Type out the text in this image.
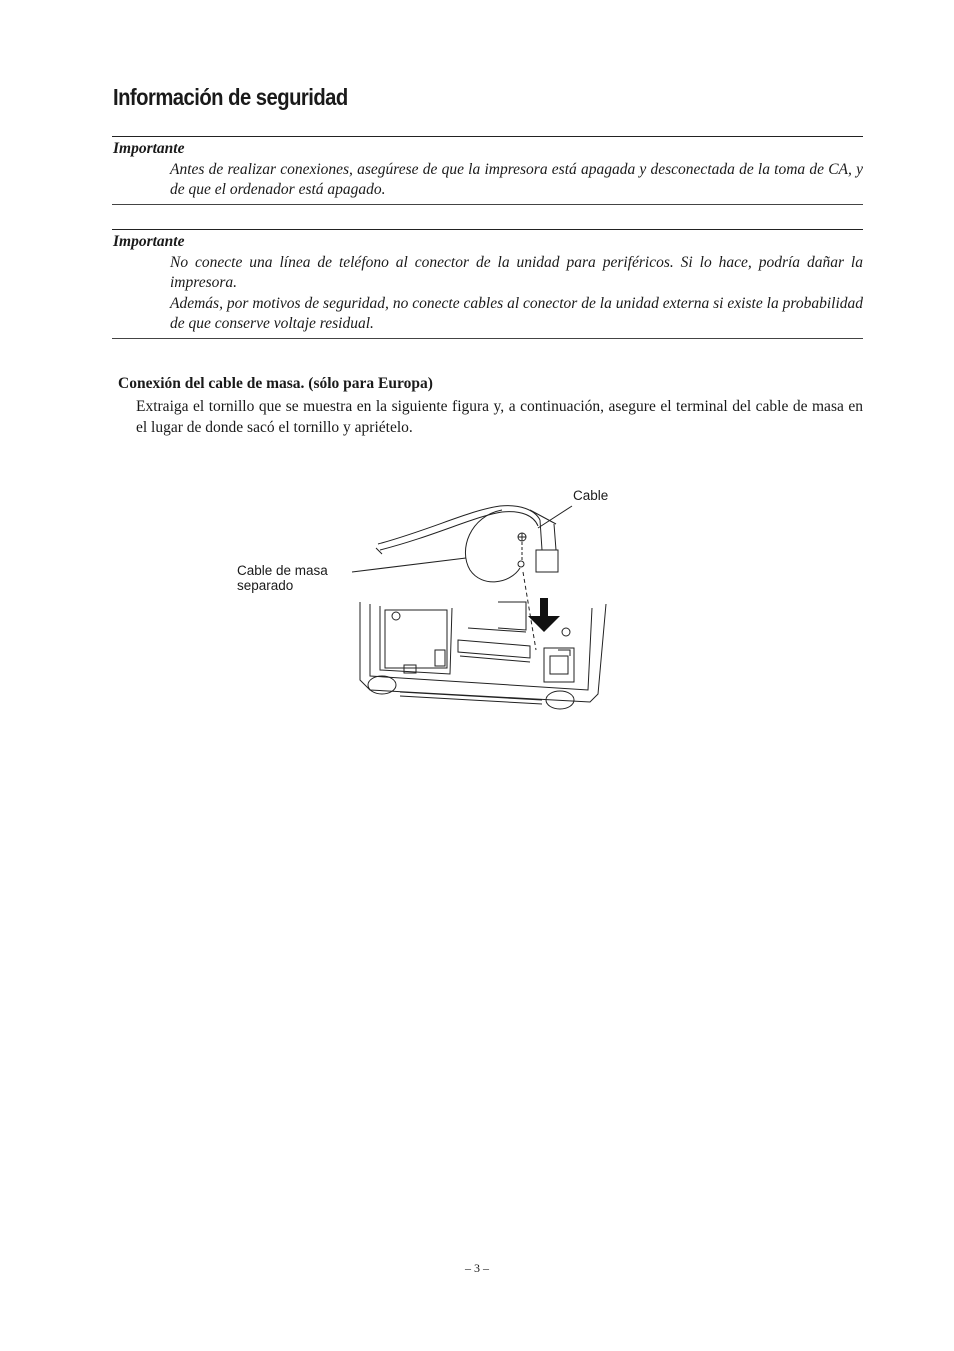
Información de seguridad
Importante

Antes de realizar conexiones, asegúrese de que la impresora está apagada y desconectada de la toma de CA, y de que el ordenador está apagado.

Importante

No conecte una línea de teléfono al conector de la unidad para periféricos. Si lo hace, podría dañar la impresora.

Además, por motivos de seguridad, no conecte cables al conector de la unidad externa si existe la probabilidad de que conserve voltaje residual.

Conexión del cable de masa. (sólo para Europa)

Extraiga el tornillo que se muestra en la siguiente figura y, a continuación, asegure el terminal del cable de masa en el lugar de donde sacó el tornillo y apriételo.

Cable
Cable de masa
separado
– 3 –
